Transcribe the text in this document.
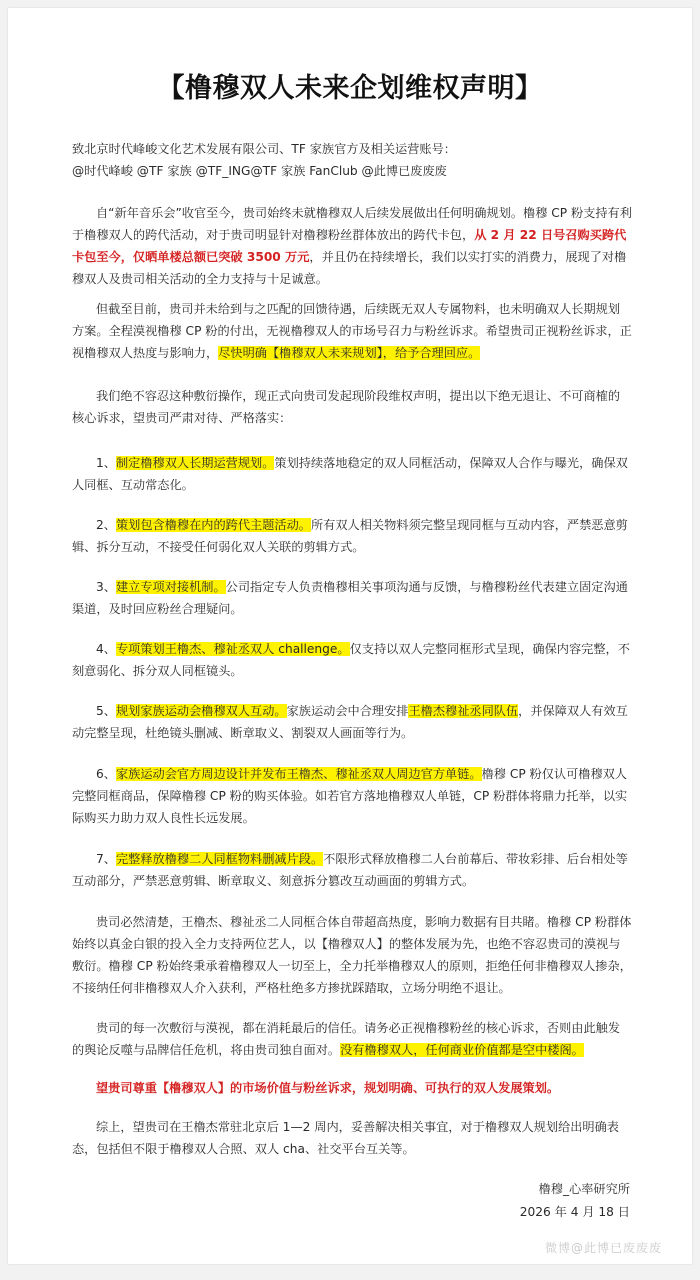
【橹穆双人未来企划维权声明】
致北京时代峰峻文化艺术发展有限公司、TF 家族官方及相关运营账号：
@时代峰峻 @TF 家族 @TF_ING@TF 家族 FanClub @此博已废废废
自“新年音乐会”收官至今，贵司始终未就橹穆双人后续发展做出任何明确规划。橹穆 CP 粉支持有利于橹穆双人的跨代活动，对于贵司明显针对橹穆粉丝群体放出的跨代卡包，从 2 月 22 日号召购买跨代卡包至今，仅晒单楼总额已突破 3500 万元，并且仍在持续增长，我们以实打实的消费力，展现了对橹穆双人及贵司相关活动的全力支持与十足诚意。
但截至目前，贵司并未给到与之匹配的回馈待遇，后续既无双人专属物料，也未明确双人长期规划方案。全程漠视橹穆 CP 粉的付出，无视橹穆双人的市场号召力与粉丝诉求。希望贵司正视粉丝诉求，正视橹穆双人热度与影响力，尽快明确【橹穆双人未来规划】，给予合理回应。
我们绝不容忍这种敷衍操作，现正式向贵司发起现阶段维权声明，提出以下绝无退让、不可商榷的核心诉求，望贵司严肃对待、严格落实：
1、制定橹穆双人长期运营规划。策划持续落地稳定的双人同框活动，保障双人合作与曝光，确保双人同框、互动常态化。
2、策划包含橹穆在内的跨代主题活动。所有双人相关物料须完整呈现同框与互动内容，严禁恶意剪辑、拆分互动，不接受任何弱化双人关联的剪辑方式。
3、建立专项对接机制。公司指定专人负责橹穆相关事项沟通与反馈，与橹穆粉丝代表建立固定沟通渠道，及时回应粉丝合理疑问。
4、专项策划王橹杰、穆祉丞双人 challenge。仅支持以双人完整同框形式呈现，确保内容完整，不刻意弱化、拆分双人同框镜头。
5、规划家族运动会橹穆双人互动。家族运动会中合理安排王橹杰穆祉丞同队伍，并保障双人有效互动完整呈现，杜绝镜头删减、断章取义、割裂双人画面等行为。
6、家族运动会官方周边设计并发布王橹杰、穆祉丞双人周边官方单链。橹穆 CP 粉仅认可橹穆双人完整同框商品，保障橹穆 CP 粉的购买体验。如若官方落地橹穆双人单链，CP 粉群体将鼎力托举，以实际购买力助力双人良性长远发展。
7、完整释放橹穆二人同框物料删减片段。不限形式释放橹穆二人台前幕后、带妆彩排、后台相处等互动部分，严禁恶意剪辑、断章取义、刻意拆分篡改互动画面的剪辑方式。
贵司必然清楚，王橹杰、穆祉丞二人同框合体自带超高热度，影响力数据有目共睹。橹穆 CP 粉群体始终以真金白银的投入全力支持两位艺人，以【橹穆双人】的整体发展为先，也绝不容忍贵司的漠视与敷衍。橹穆 CP 粉始终秉承着橹穆双人一切至上，全力托举橹穆双人的原则，拒绝任何非橹穆双人掺杂，不接纳任何非橹穆双人介入获利，严格杜绝多方掺扰踩踏取，立场分明绝不退让。
贵司的每一次敷衍与漠视，都在消耗最后的信任。请务必正视橹穆粉丝的核心诉求，否则由此触发的舆论反噬与品牌信任危机，将由贵司独自面对。没有橹穆双人，任何商业价值都是空中楼阁。
望贵司尊重【橹穆双人】的市场价值与粉丝诉求，规划明确、可执行的双人发展策划。
综上，望贵司在王橹杰常驻北京后 1—2 周内，妥善解决相关事宜，对于橹穆双人规划给出明确表态，包括但不限于橹穆双人合照、双人 cha、社交平台互关等。
橹穆_心率研究所
2026 年 4 月 18 日
微博@此博已废废废
